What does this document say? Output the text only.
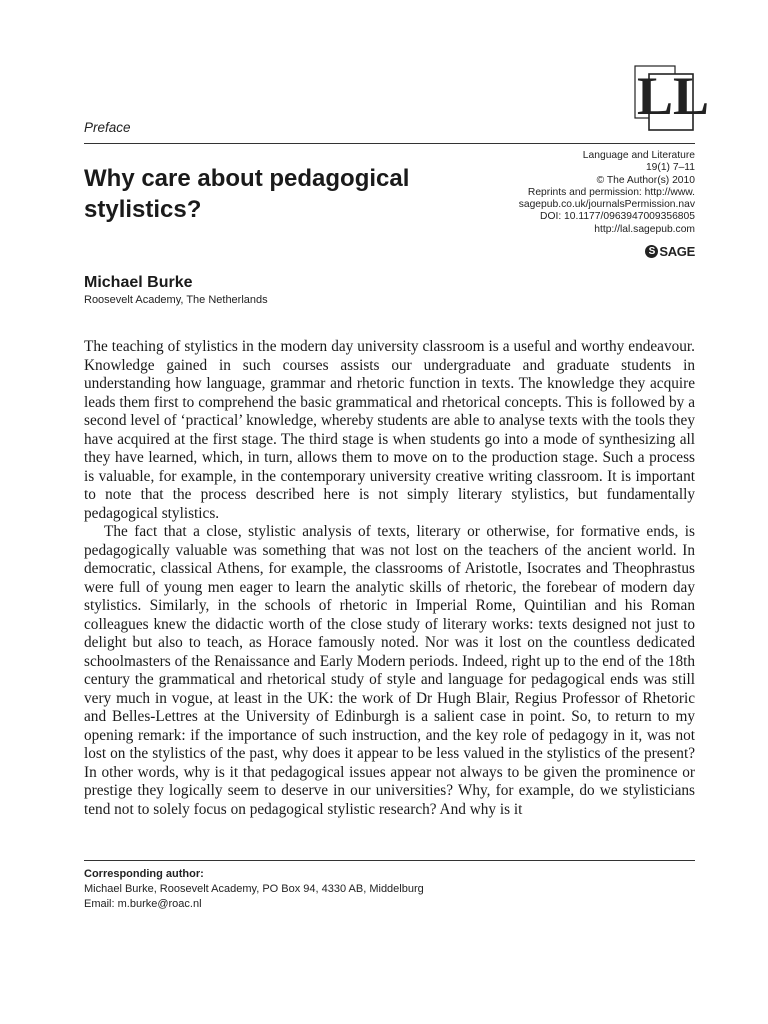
LL
Preface
Why care about pedagogical stylistics?
Language and Literature
19(1) 7–11
© The Author(s) 2010
Reprints and permission: http://www.
sagepub.co.uk/journalsPermission.nav
DOI: 10.1177/0963947009356805
http://lal.sagepub.com
S SAGE
Michael Burke
Roosevelt Academy, The Netherlands

The teaching of stylistics in the modern day university classroom is a useful and worthy endeavour. Knowledge gained in such courses assists our undergraduate and graduate students in understanding how language, grammar and rhetoric function in texts. The knowledge they acquire leads them first to comprehend the basic grammatical and rhetorical concepts. This is followed by a second level of ‘practical’ knowledge, whereby students are able to analyse texts with the tools they have acquired at the first stage. The third stage is when students go into a mode of synthesizing all they have learned, which, in turn, allows them to move on to the production stage. Such a process is valuable, for example, in the contemporary university creative writing classroom. It is important to note that the process described here is not simply literary stylistics, but fundamentally pedagogical stylistics.

The fact that a close, stylistic analysis of texts, literary or otherwise, for formative ends, is pedagogically valuable was something that was not lost on the teachers of the ancient world. In democratic, classical Athens, for example, the classrooms of Aristotle, Isocrates and Theophrastus were full of young men eager to learn the analytic skills of rhetoric, the forebear of modern day stylistics. Similarly, in the schools of rhetoric in Imperial Rome, Quintilian and his Roman colleagues knew the didactic worth of the close study of literary works: texts designed not just to delight but also to teach, as Horace famously noted. Nor was it lost on the countless dedicated schoolmasters of the Renaissance and Early Modern periods. Indeed, right up to the end of the 18th century the grammatical and rhetorical study of style and language for pedagogical ends was still very much in vogue, at least in the UK: the work of Dr Hugh Blair, Regius Professor of Rhetoric and Belles-Lettres at the University of Edinburgh is a salient case in point. So, to return to my opening remark: if the importance of such instruction, and the key role of pedagogy in it, was not lost on the stylistics of the past, why does it appear to be less valued in the stylistics of the present? In other words, why is it that pedagogical issues appear not always to be given the prominence or prestige they logically seem to deserve in our universities? Why, for example, do we stylisticians tend not to solely focus on pedagogical stylistic research? And why is it

Corresponding author:
Michael Burke, Roosevelt Academy, PO Box 94, 4330 AB, Middelburg
Email: m.burke@roac.nl
